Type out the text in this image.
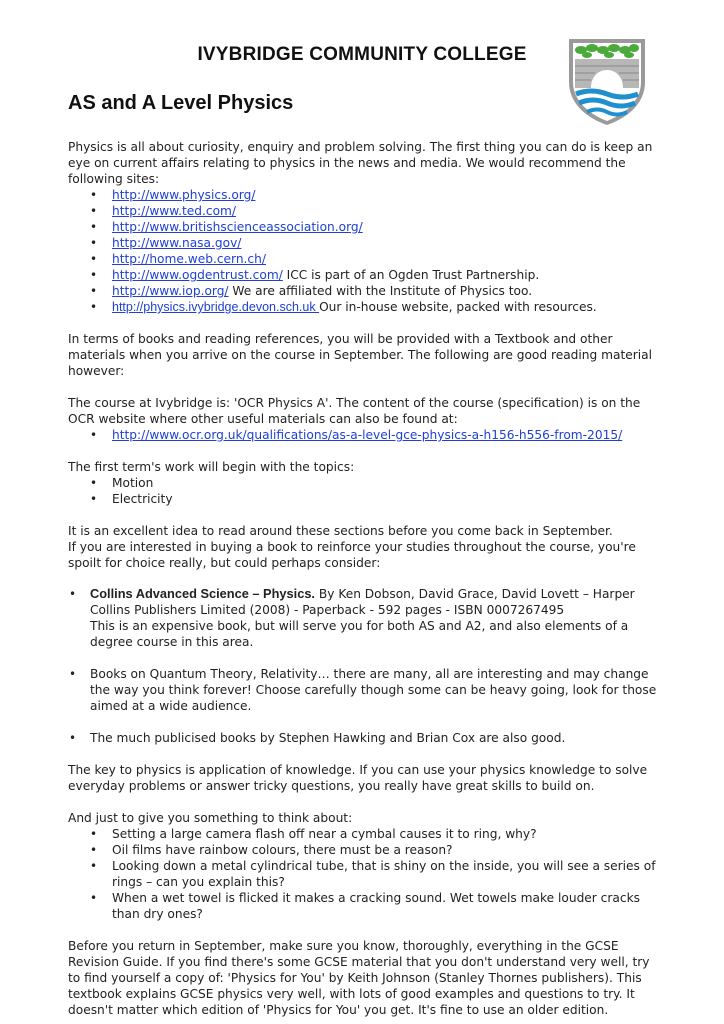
IVYBRIDGE COMMUNITY COLLEGE
AS and A Level Physics

Physics is all about curiosity, enquiry and problem solving. The first thing you can do is keep an eye on current affairs relating to physics in the news and media. We would recommend the following sites:

• http://www.physics.org/
• http://www.ted.com/
• http://www.britishscienceassociation.org/
• http://www.nasa.gov/
• http://home.web.cern.ch/
• http://www.ogdentrust.com/ ICC is part of an Ogden Trust Partnership.
• http://www.iop.org/ We are affiliated with the Institute of Physics too.
• http://physics.ivybridge.devon.sch.uk Our in-house website, packed with resources.

In terms of books and reading references, you will be provided with a Textbook and other materials when you arrive on the course in September. The following are good reading material however:

The course at Ivybridge is: 'OCR Physics A'. The content of the course (specification) is on the OCR website where other useful materials can also be found at:

• http://www.ocr.org.uk/qualifications/as-a-level-gce-physics-a-h156-h556-from-2015/

The first term's work will begin with the topics:

• Motion
• Electricity

It is an excellent idea to read around these sections before you come back in September.

If you are interested in buying a book to reinforce your studies throughout the course, you're spoilt for choice really, but could perhaps consider:

• Collins Advanced Science – Physics. By Ken Dobson, David Grace, David Lovett – Harper Collins Publishers Limited (2008) - Paperback - 592 pages - ISBN 0007267495
This is an expensive book, but will serve you for both AS and A2, and also elements of a degree course in this area.
• Books on Quantum Theory, Relativity… there are many, all are interesting and may change the way you think forever! Choose carefully though some can be heavy going, look for those aimed at a wide audience.
• The much publicised books by Stephen Hawking and Brian Cox are also good.

The key to physics is application of knowledge. If you can use your physics knowledge to solve everyday problems or answer tricky questions, you really have great skills to build on.

And just to give you something to think about:

• Setting a large camera flash off near a cymbal causes it to ring, why?
• Oil films have rainbow colours, there must be a reason?
• Looking down a metal cylindrical tube, that is shiny on the inside, you will see a series of rings – can you explain this?
• When a wet towel is flicked it makes a cracking sound. Wet towels make louder cracks than dry ones?

Before you return in September, make sure you know, thoroughly, everything in the GCSE Revision Guide. If you find there's some GCSE material that you don't understand very well, try to find yourself a copy of: 'Physics for You' by Keith Johnson (Stanley Thornes publishers). This textbook explains GCSE physics very well, with lots of good examples and questions to try. It doesn't matter which edition of 'Physics for You' you get. It's fine to use an older edition.
